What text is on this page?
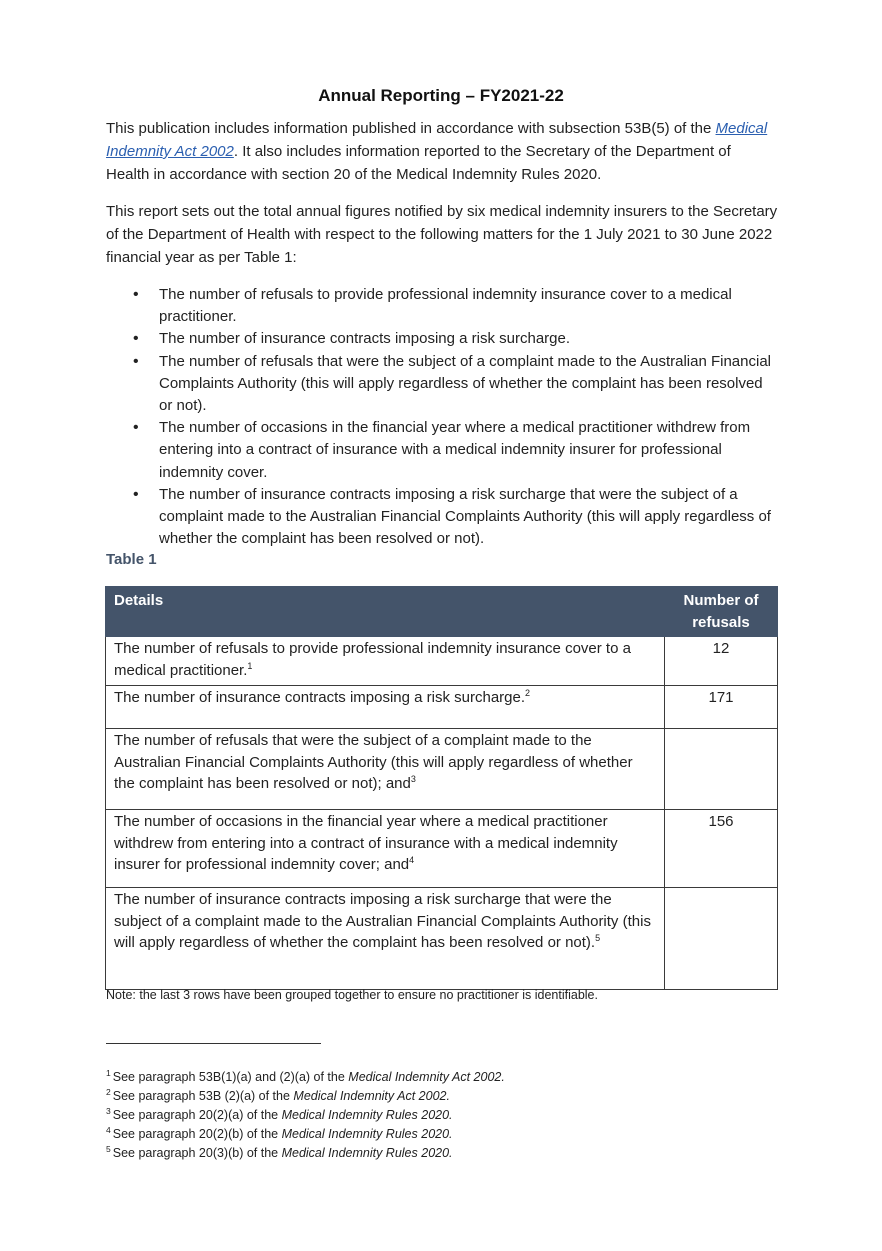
Annual Reporting – FY2021-22

This publication includes information published in accordance with subsection 53B(5) of the Medical Indemnity Act 2002. It also includes information reported to the Secretary of the Department of Health in accordance with section 20 of the Medical Indemnity Rules 2020.

This report sets out the total annual figures notified by six medical indemnity insurers to the Secretary of the Department of Health with respect to the following matters for the 1 July 2021 to 30 June 2022 financial year as per Table 1:

• The number of refusals to provide professional indemnity insurance cover to a medical practitioner.
• The number of insurance contracts imposing a risk surcharge.
• The number of refusals that were the subject of a complaint made to the Australian Financial Complaints Authority (this will apply regardless of whether the complaint has been resolved or not).
• The number of occasions in the financial year where a medical practitioner withdrew from entering into a contract of insurance with a medical indemnity insurer for professional indemnity cover.
• The number of insurance contracts imposing a risk surcharge that were the subject of a complaint made to the Australian Financial Complaints Authority (this will apply regardless of whether the complaint has been resolved or not).
Table 1
Details	Number of refusals
The number of refusals to provide professional indemnity insurance cover to a medical practitioner.$^1$	12
The number of insurance contracts imposing a risk surcharge.$^2$	171
The number of refusals that were the subject of a complaint made to the Australian Financial Complaints Authority (this will apply regardless of whether the complaint has been resolved or not); and$^3$	
The number of occasions in the financial year where a medical practitioner withdrew from entering into a contract of insurance with a medical indemnity insurer for professional indemnity cover; and$^4$	156
The number of insurance contracts imposing a risk surcharge that were the subject of a complaint made to the Australian Financial Complaints Authority (this will apply regardless of whether the complaint has been resolved or not).$^5$	
Note: the last 3 rows have been grouped together to ensure no practitioner is identifiable.
$^1$ See paragraph 53B(1)(a) and (2)(a) of the Medical Indemnity Act 2002.
$^2$ See paragraph 53B (2)(a) of the Medical Indemnity Act 2002.
$^3$ See paragraph 20(2)(a) of the Medical Indemnity Rules 2020.
$^4$ See paragraph 20(2)(b) of the Medical Indemnity Rules 2020.
$^5$ See paragraph 20(3)(b) of the Medical Indemnity Rules 2020.
